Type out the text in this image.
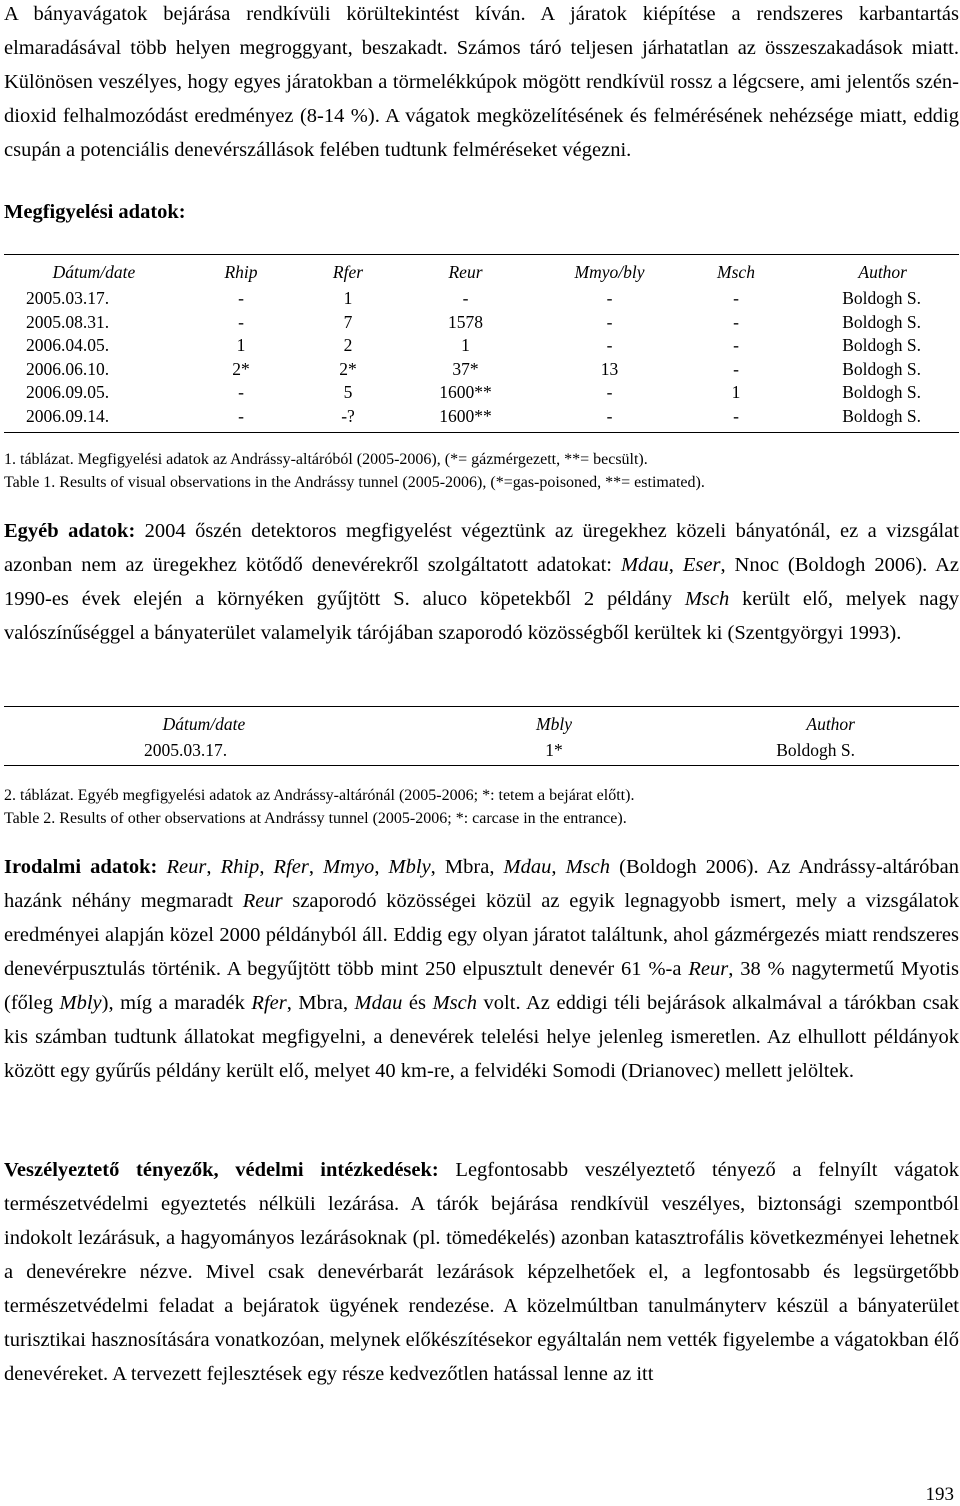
A bányavágatok bejárása rendkívüli körültekintést kíván. A járatok kiépítése a rendszeres karbantartás elmaradásával több helyen megroggyant, beszakadt. Számos táró teljesen járhatatlan az összeszakadások miatt. Különösen veszélyes, hogy egyes járatokban a törmelékkúpok mögött rendkívül rossz a légcsere, ami jelentős szén-dioxid felhalmozódást eredményez (8-14 %). A vágatok megközelítésének és felmérésének nehézsége miatt, eddig csupán a potenciális denevérszállások felében tudtunk felméréseket végezni.

Megfigyelési adatok:

Dátum/date	Rhip	Rfer	Reur	Mmyo/bly	Msch	Author
2005.03.17.	-	1	-	-	-	Boldogh S.
2005.08.31.	-	7	1578	-	-	Boldogh S.
2006.04.05.	1	2	1	-	-	Boldogh S.
2006.06.10.	2*	2*	37*	13	-	Boldogh S.
2006.09.05.	-	5	1600**	-	1	Boldogh S.
2006.09.14.	-	-?	1600**	-	-	Boldogh S.

1. táblázat. Megfigyelési adatok az Andrássy-altáróból (2005-2006), (*= gázmérgezett, **= becsült).

Table 1. Results of visual observations in the Andrássy tunnel (2005-2006), (*=gas-poisoned, **= estimated).

Egyéb adatok: 2004 őszén detektoros megfigyelést végeztünk az üregekhez közeli bányatónál, ez a vizsgálat azonban nem az üregekhez kötődő denevérekről szolgáltatott adatokat: Mdau, Eser, Nnoc (Boldogh 2006). Az 1990-es évek elején a környéken gyűjtött S. aluco köpetekből 2 példány Msch került elő, melyek nagy valószínűséggel a bányaterület valamelyik tárójában szaporodó közösségből kerültek ki (Szentgyörgyi 1993).

Dátum/date	Mbly	Author
2005.03.17.	1*	Boldogh S.

2. táblázat. Egyéb megfigyelési adatok az Andrássy-altárónál (2005-2006; *: tetem a bejárat előtt).

Table 2. Results of other observations at Andrássy tunnel (2005-2006; *: carcase in the entrance).

Irodalmi adatok: Reur, Rhip, Rfer, Mmyo, Mbly, Mbra, Mdau, Msch (Boldogh 2006). Az Andrássy-altáróban hazánk néhány megmaradt Reur szaporodó közösségei közül az egyik legnagyobb ismert, mely a vizsgálatok eredményei alapján közel 2000 példányból áll. Eddig egy olyan járatot találtunk, ahol gázmérgezés miatt rendszeres denevérpusztulás történik. A begyűjtött több mint 250 elpusztult denevér 61 %-a Reur, 38 % nagytermetű Myotis (főleg Mbly), míg a maradék Rfer, Mbra, Mdau és Msch volt. Az eddigi téli bejárások alkalmával a tárókban csak kis számban tudtunk állatokat megfigyelni, a denevérek telelési helye jelenleg ismeretlen. Az elhullott példányok között egy gyűrűs példány került elő, melyet 40 km-re, a felvidéki Somodi (Drianovec) mellett jelöltek.

Veszélyeztető tényezők, védelmi intézkedések: Legfontosabb veszélyeztető tényező a felnyílt vágatok természetvédelmi egyeztetés nélküli lezárása. A tárók bejárása rendkívül veszélyes, biztonsági szempontból indokolt lezárásuk, a hagyományos lezárásoknak (pl. tömedékelés) azonban katasztrofális következményei lehetnek a denevérekre nézve. Mivel csak denevérbarát lezárások képzelhetőek el, a legfontosabb és legsürgetőbb természetvédelmi feladat a bejáratok ügyének rendezése. A közelmúltban tanulmányterv készül a bányaterület turisztikai hasznosítására vonatkozóan, melynek előkészítésekor egyáltalán nem vették figyelembe a vágatokban élő denevéreket. A tervezett fejlesztések egy része kedvezőtlen hatással lenne az itt

193
